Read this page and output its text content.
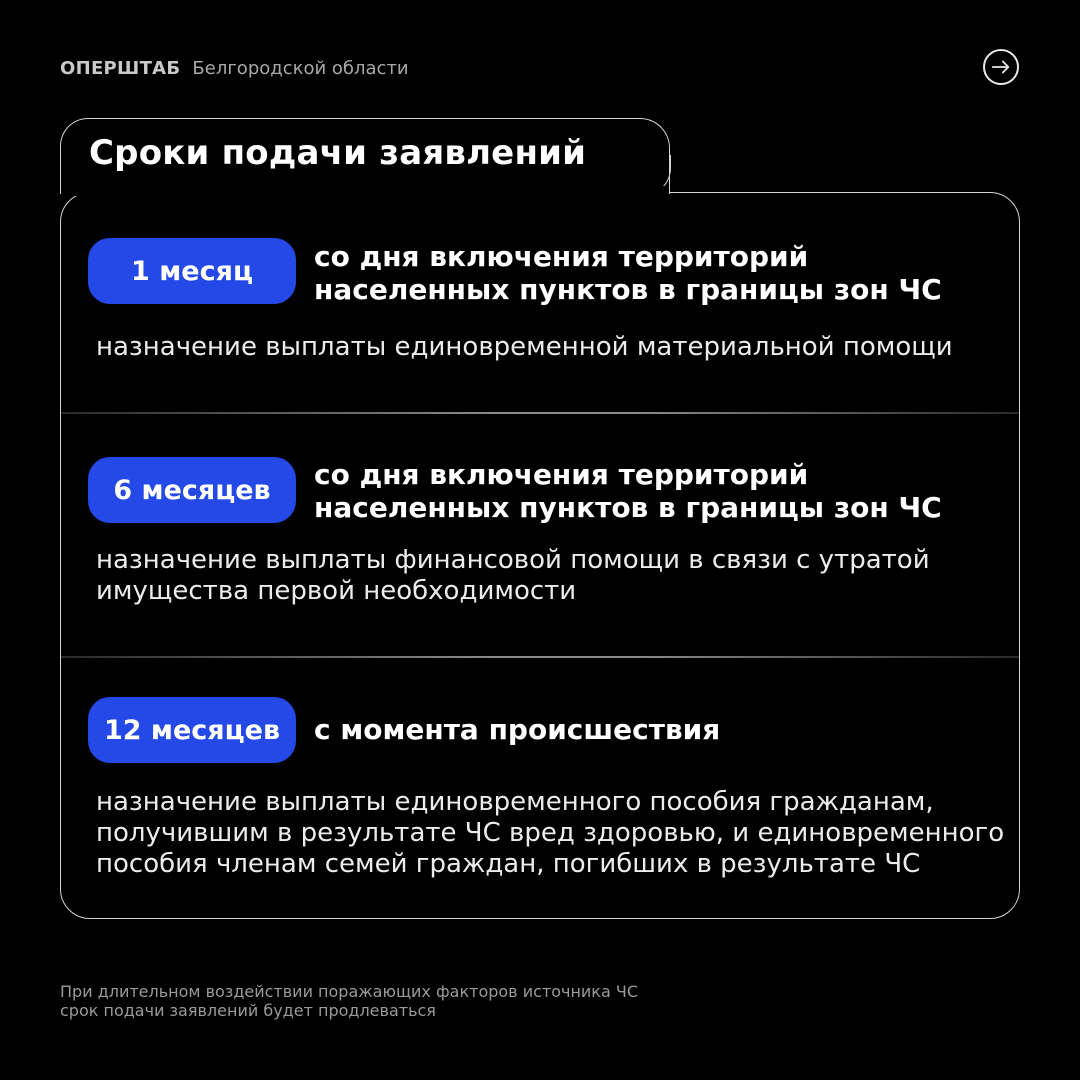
ОПЕРШТАБ Белгородской области
Сроки подачи заявлений
1 месяц	со дня включения территорий
населенных пунктов в границы зон ЧС
назначение выплаты единовременной материальной помощи
6 месяцев	со дня включения территорий
населенных пунктов в границы зон ЧС
назначение выплаты финансовой помощи в связи с утратой
имущества первой необходимости
12 месяцев	с момента происшествия
назначение выплаты единовременного пособия гражданам,
получившим в результате ЧС вред здоровью, и единовременного
пособия членам семей граждан, погибших в результате ЧС
При длительном воздействии поражающих факторов источника ЧС
срок подачи заявлений будет продлеваться
